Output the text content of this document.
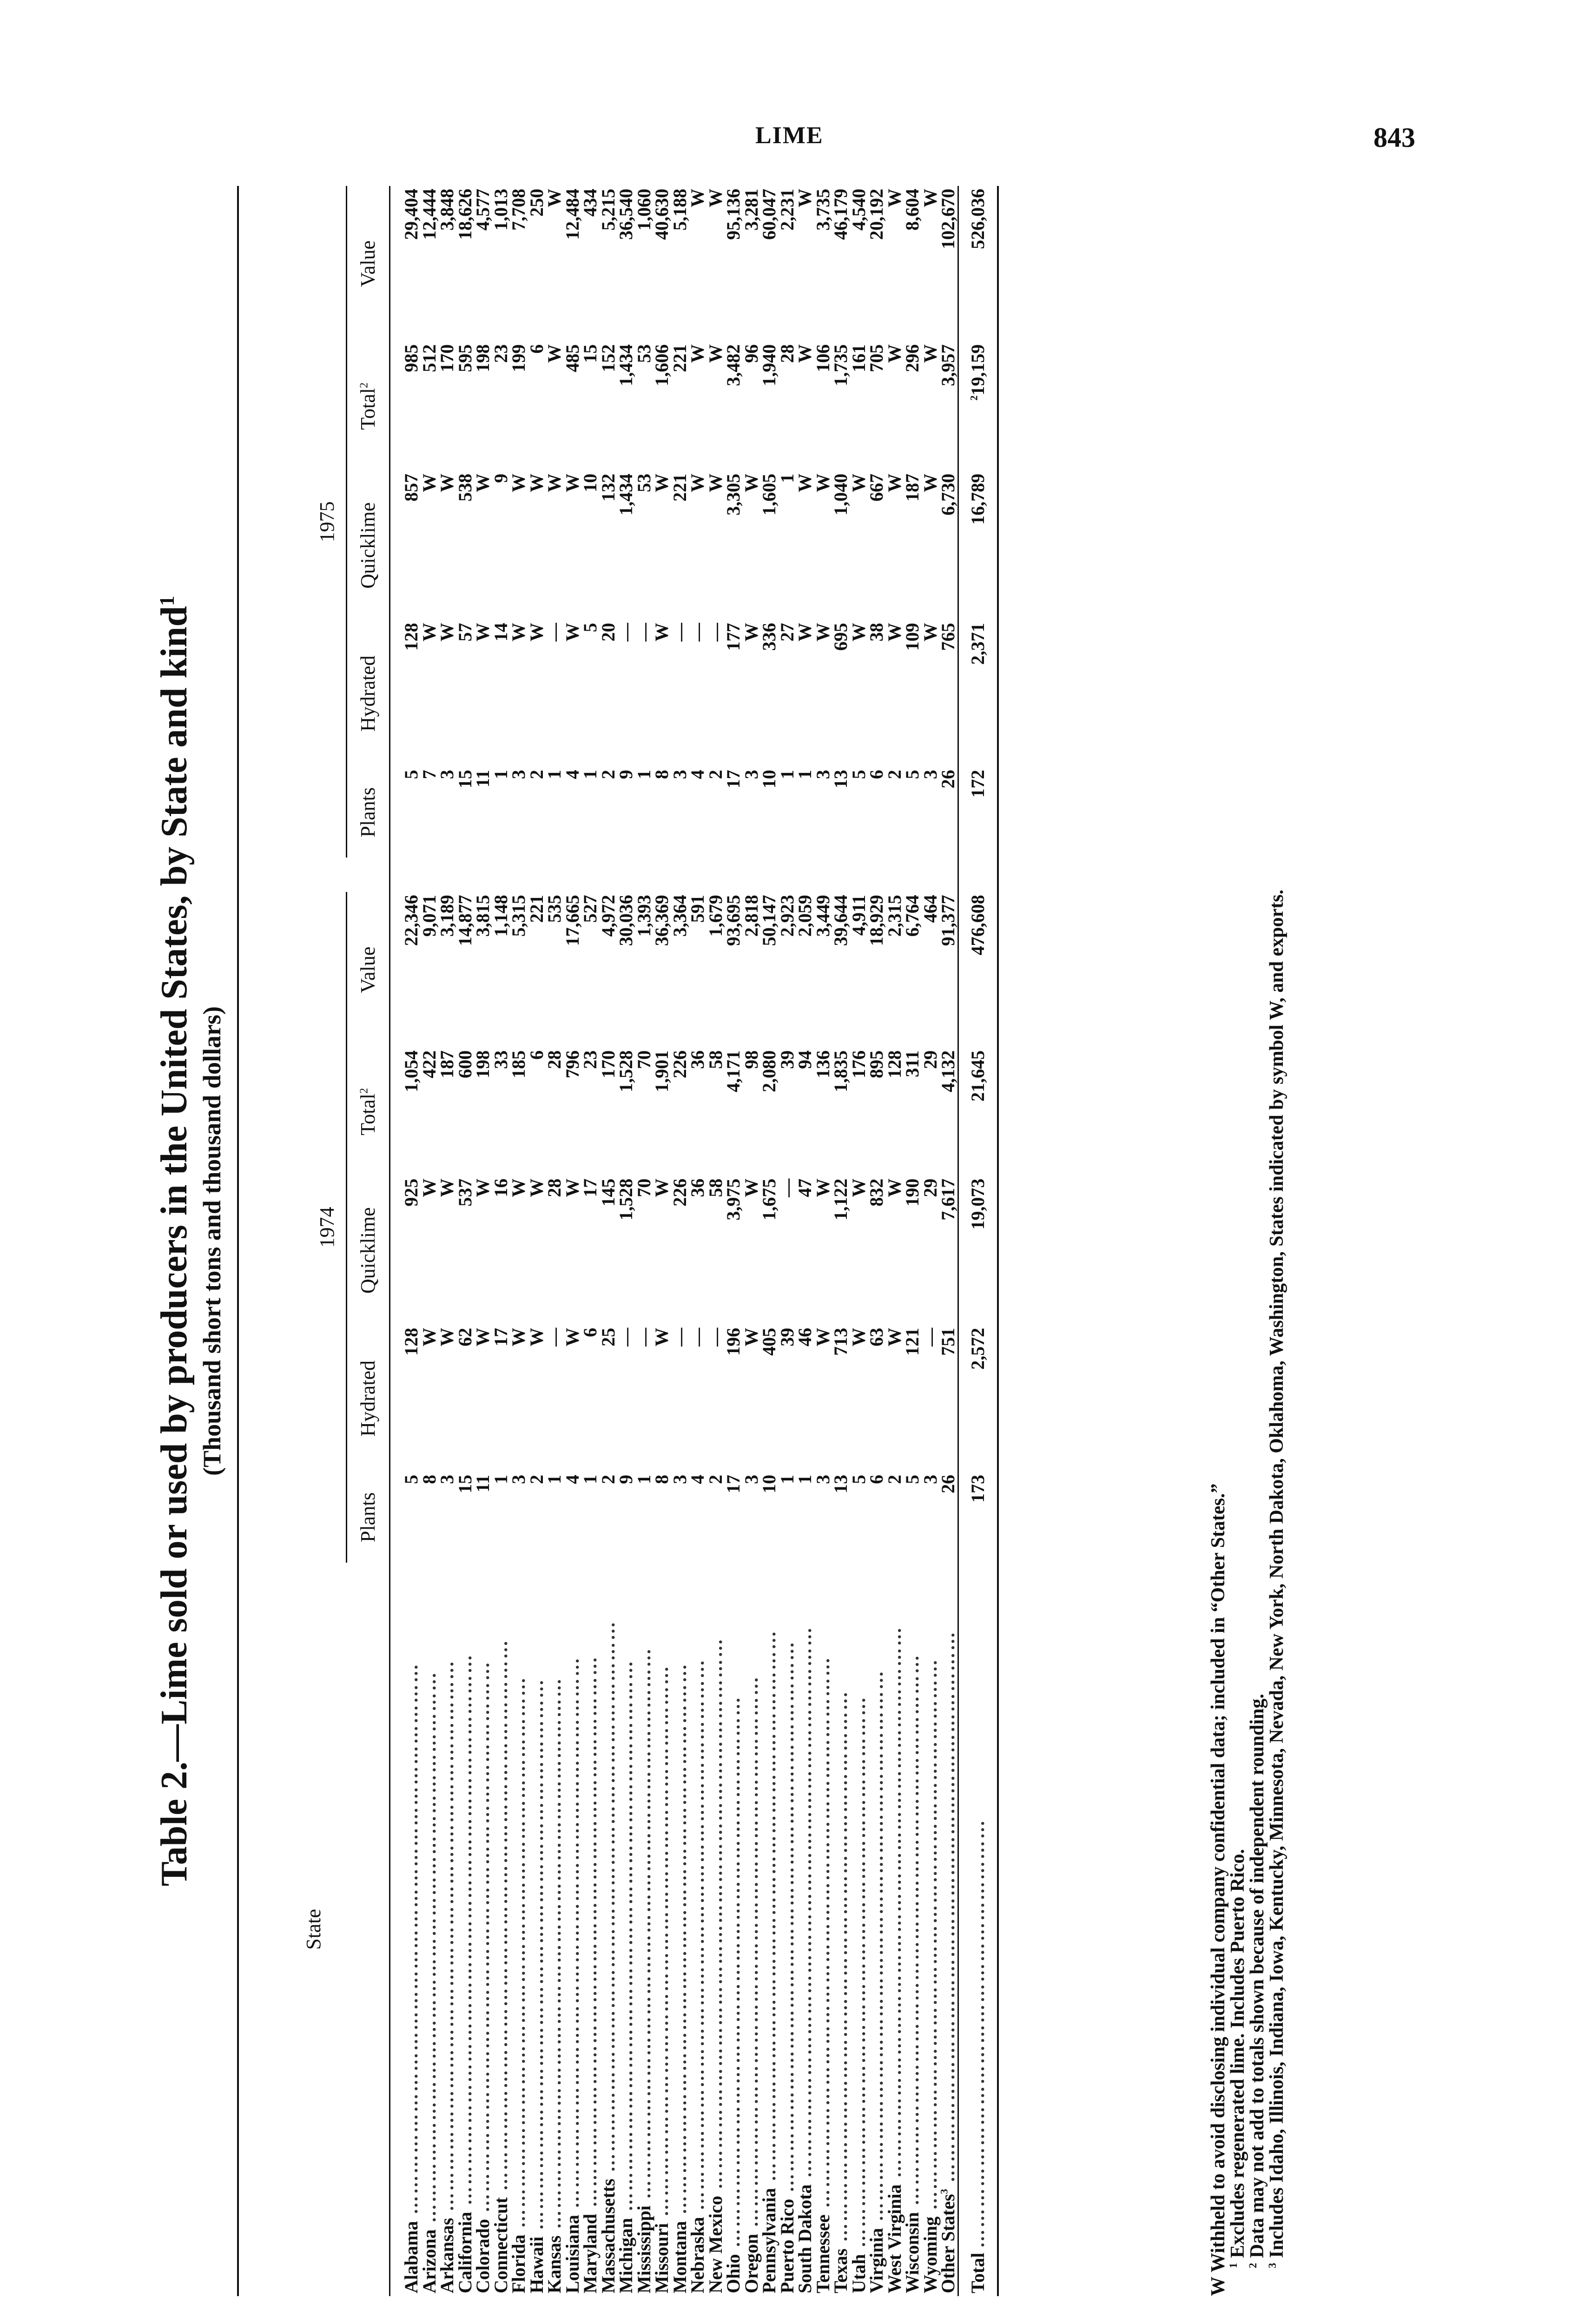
LIME	843
Table 2.—Lime sold or used by producers in the United States, by State and kind$^1$
(Thousand short tons and thousand dollars)
State											
	1974						1975				
	Plants	Hydrated	Quicklime	Total$^2$	Value		Plants	Hydrated	Quicklime	Total$^2$	Value
Alabama ………………………………………………………………………	5	128	925	1,054	22,346		5	128	857	985	29,404
Arizona ………………………………………………………………………	8	W	W	422	9,071		7	W	W	512	12,444
Arkansas ………………………………………………………………………	3	W	W	187	3,189		3	W	W	170	3,848
California ………………………………………………………………………	15	62	537	600	14,877		15	57	538	595	18,626
Colorado ………………………………………………………………………	11	W	W	198	3,815		11	W	W	198	4,577
Connecticut ………………………………………………………………………	1	17	16	33	1,148		1	14	9	23	1,013
Florida ………………………………………………………………………	3	W	W	185	5,315		3	W	W	199	7,708
Hawaii ………………………………………………………………………	2	W	W	6	221		2	W	W	6	250
Kansas ………………………………………………………………………	1	—	28	28	535		1	—	W	W	W
Louisiana ………………………………………………………………………	4	W	W	796	17,665		4	W	W	485	12,484
Maryland ………………………………………………………………………	1	6	17	23	527		1	5	10	15	434
Massachusetts ………………………………………………………………………	2	25	145	170	4,972		2	20	132	152	5,215
Michigan ………………………………………………………………………	9	—	1,528	1,528	30,036		9	—	1,434	1,434	36,540
Mississippi ………………………………………………………………………	1	—	70	70	1,393		1	—	53	53	1,060
Missouri ………………………………………………………………………	8	W	W	1,901	36,369		8	W	W	1,606	40,630
Montana ………………………………………………………………………	3	—	226	226	3,364		3	—	221	221	5,188
Nebraska ………………………………………………………………………	4	—	36	36	591		4	—	W	W	W
New Mexico ………………………………………………………………………	2	—	58	58	1,679		2	—	W	W	W
Ohio ………………………………………………………………………	17	196	3,975	4,171	93,695		17	177	3,305	3,482	95,136
Oregon ………………………………………………………………………	3	W	W	98	2,818		3	W	W	96	3,281
Pennsylvania ………………………………………………………………………	10	405	1,675	2,080	50,147		10	336	1,605	1,940	60,047
Puerto Rico ………………………………………………………………………	1	39	—	39	2,923		1	27	1	28	2,231
South Dakota ………………………………………………………………………	1	46	47	94	2,059		1	W	W	W	W
Tennessee ………………………………………………………………………	3	W	W	136	3,449		3	W	W	106	3,735
Texas ………………………………………………………………………	13	713	1,122	1,835	39,644		13	695	1,040	1,735	46,179
Utah ………………………………………………………………………	5	W	W	176	4,911		5	W	W	161	4,540
Virginia ………………………………………………………………………	6	63	832	895	18,929		6	38	667	705	20,192
West Virginia ………………………………………………………………………	2	W	W	128	2,315		2	W	W	W	W
Wisconsin ………………………………………………………………………	5	121	190	311	6,764		5	109	187	296	8,604
Wyoming ………………………………………………………………………	3	—	29	29	464		3	W	W	W	W
Other States$^3$ ………………………………………………………………………	26	751	7,617	4,132	91,377		26	765	6,730	3,957	102,670
Total ………………………………………………………	173	2,572	19,073	21,645	476,608		172	2,371	16,789	$^2$19,159	526,036

W Withheld to avoid disclosing individual company confidential data; included in “Other States.”

$^1$ Excludes regenerated lime. Includes Puerto Rico.

$^2$ Data may not add to totals shown because of independent rounding.

$^3$ Includes Idaho, Illinois, Indiana, Iowa, Kentucky, Minnesota, Nevada, New York, North Dakota, Oklahoma, Washington, States indicated by symbol W, and exports.
